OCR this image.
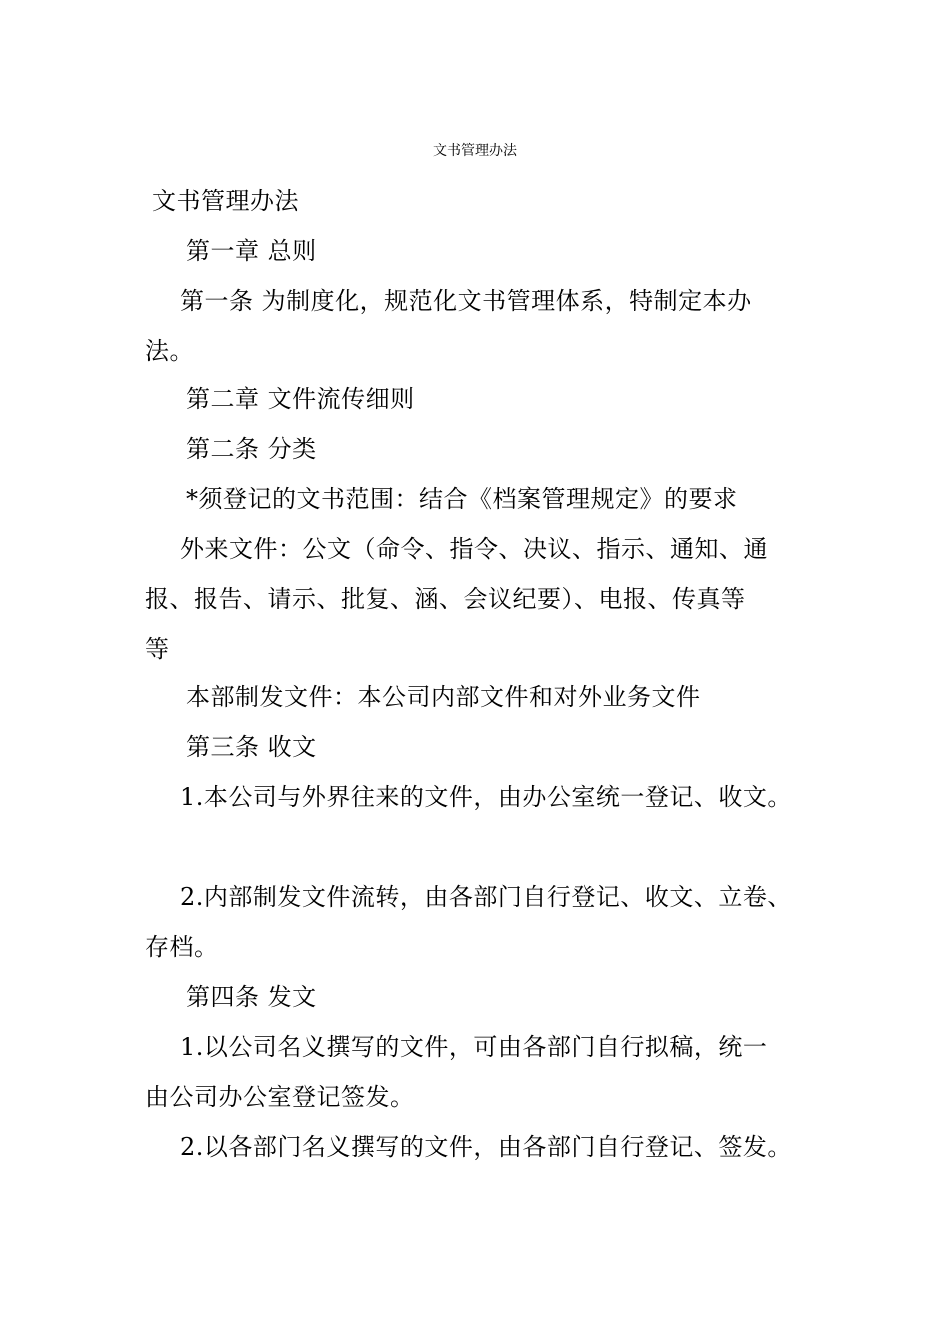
文书管理办法
文书管理办法
第一章 总则
第一条 为制度化，规范化文书管理体系，特制定本办
法。
第二章 文件流传细则
第二条 分类
*须登记的文书范围：结合《档案管理规定》的要求
外来文件：公文（命令、指令、决议、指示、通知、通
报、报告、请示、批复、涵、会议纪要）、电报、传真等
等
本部制发文件：本公司内部文件和对外业务文件
第三条 收文
1.本公司与外界往来的文件，由办公室统一登记、收文。
2.内部制发文件流转，由各部门自行登记、收文、立卷、
存档。
第四条 发文
1.以公司名义撰写的文件，可由各部门自行拟稿，统一
由公司办公室登记签发。
2.以各部门名义撰写的文件，由各部门自行登记、签发。
